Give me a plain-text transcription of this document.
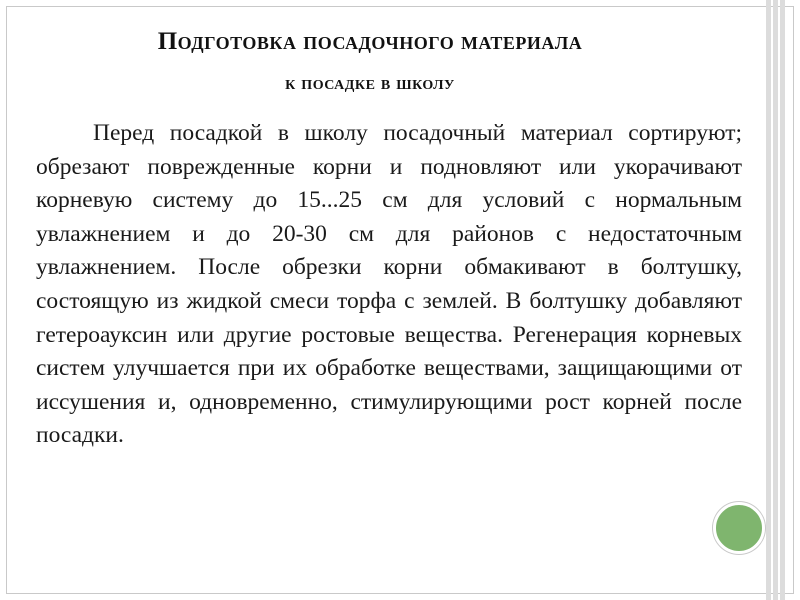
Подготовка посадочного материала
к посадке в школу

Перед посадкой в школу посадочный материал сортируют; обрезают поврежденные корни и подновляют или укорачивают корневую систему до 15...25 см для условий с нормальным увлажнением и до 20-30 см для районов с недостаточным увлажнением. После обрезки корни обмакивают в болтушку, состоящую из жидкой смеси торфа с землей. В болтушку добавляют гетероауксин или другие ростовые вещества. Регенерация корневых систем улучшается при их обработке веществами, защищающими от иссушения и, одновременно, стимулирующими рост корней после посадки.
